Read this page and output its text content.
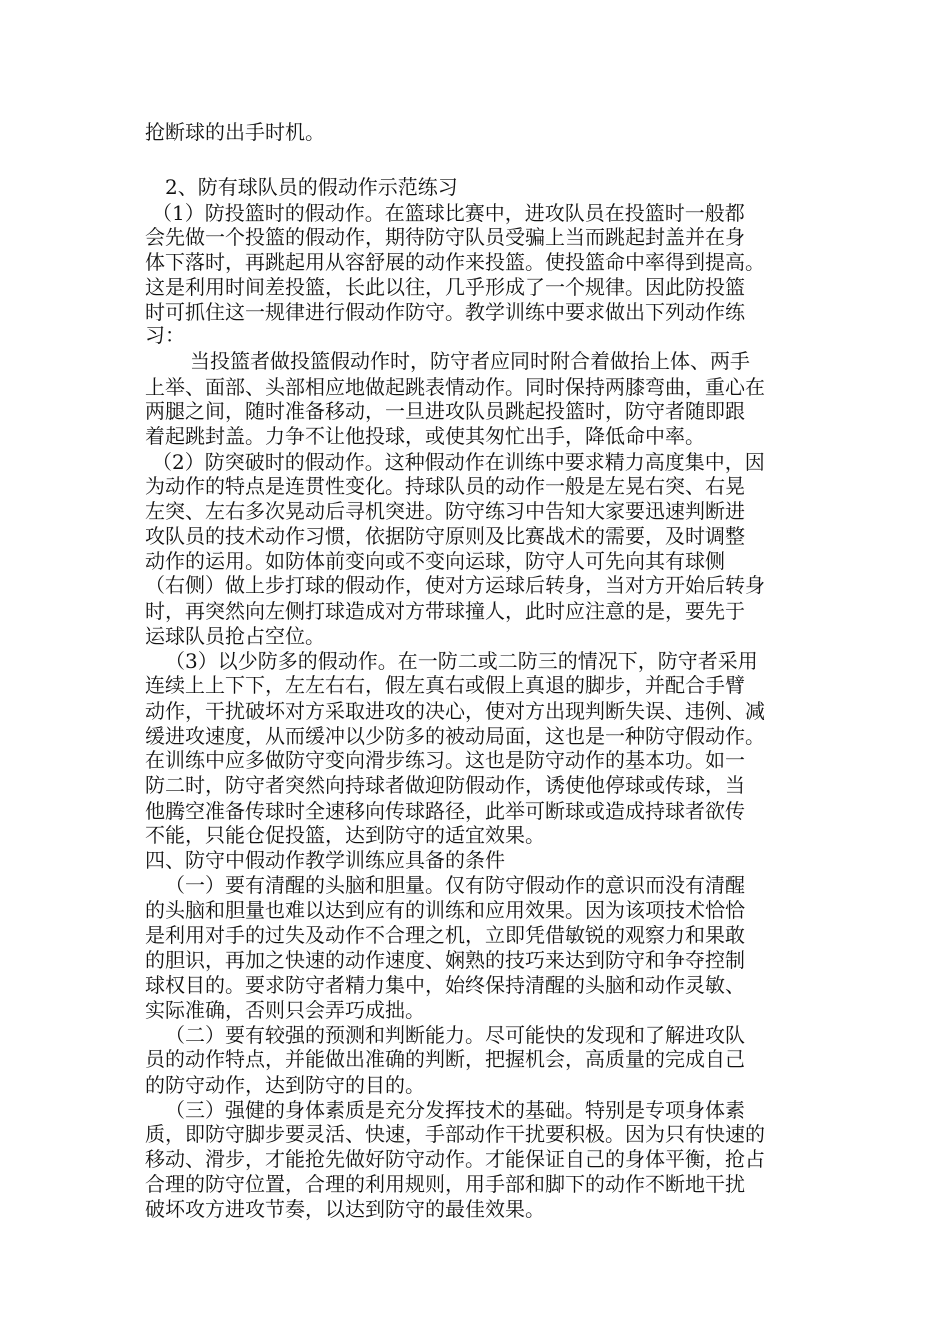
抢断球的出手时机。
2、防有球队员的假动作示范练习
（1）防投篮时的假动作。在篮球比赛中，进攻队员在投篮时一般都
会先做一个投篮的假动作，期待防守队员受骗上当而跳起封盖并在身
体下落时，再跳起用从容舒展的动作来投篮。使投篮命中率得到提高。
这是利用时间差投篮，长此以往，几乎形成了一个规律。因此防投篮
时可抓住这一规律进行假动作防守。教学训练中要求做出下列动作练
习：
当投篮者做投篮假动作时，防守者应同时附合着做抬上体、两手
上举、面部、头部相应地做起跳表情动作。同时保持两膝弯曲，重心在
两腿之间，随时准备移动，一旦进攻队员跳起投篮时，防守者随即跟
着起跳封盖。力争不让他投球，或使其匆忙出手，降低命中率。
（2）防突破时的假动作。这种假动作在训练中要求精力高度集中，因
为动作的特点是连贯性变化。持球队员的动作一般是左晃右突、右晃
左突、左右多次晃动后寻机突进。防守练习中告知大家要迅速判断进
攻队员的技术动作习惯，依据防守原则及比赛战术的需要，及时调整
动作的运用。如防体前变向或不变向运球，防守人可先向其有球侧
（右侧）做上步打球的假动作，使对方运球后转身，当对方开始后转身
时，再突然向左侧打球造成对方带球撞人，此时应注意的是，要先于
运球队员抢占空位。
（3）以少防多的假动作。在一防二或二防三的情况下，防守者采用
连续上上下下，左左右右，假左真右或假上真退的脚步，并配合手臂
动作，干扰破坏对方采取进攻的决心，使对方出现判断失误、违例、减
缓进攻速度，从而缓冲以少防多的被动局面，这也是一种防守假动作。
在训练中应多做防守变向滑步练习。这也是防守动作的基本功。如一
防二时，防守者突然向持球者做迎防假动作，诱使他停球或传球，当
他腾空准备传球时全速移向传球路径，此举可断球或造成持球者欲传
不能，只能仓促投篮，达到防守的适宜效果。
四、防守中假动作教学训练应具备的条件
（一）要有清醒的头脑和胆量。仅有防守假动作的意识而没有清醒
的头脑和胆量也难以达到应有的训练和应用效果。因为该项技术恰恰
是利用对手的过失及动作不合理之机，立即凭借敏锐的观察力和果敢
的胆识，再加之快速的动作速度、娴熟的技巧来达到防守和争夺控制
球权目的。要求防守者精力集中，始终保持清醒的头脑和动作灵敏、
实际准确，否则只会弄巧成拙。
（二）要有较强的预测和判断能力。尽可能快的发现和了解进攻队
员的动作特点，并能做出准确的判断，把握机会，高质量的完成自己
的防守动作，达到防守的目的。
（三）强健的身体素质是充分发挥技术的基础。特别是专项身体素
质，即防守脚步要灵活、快速，手部动作干扰要积极。因为只有快速的
移动、滑步，才能抢先做好防守动作。才能保证自己的身体平衡，抢占
合理的防守位置，合理的利用规则，用手部和脚下的动作不断地干扰
破坏攻方进攻节奏，以达到防守的最佳效果。
